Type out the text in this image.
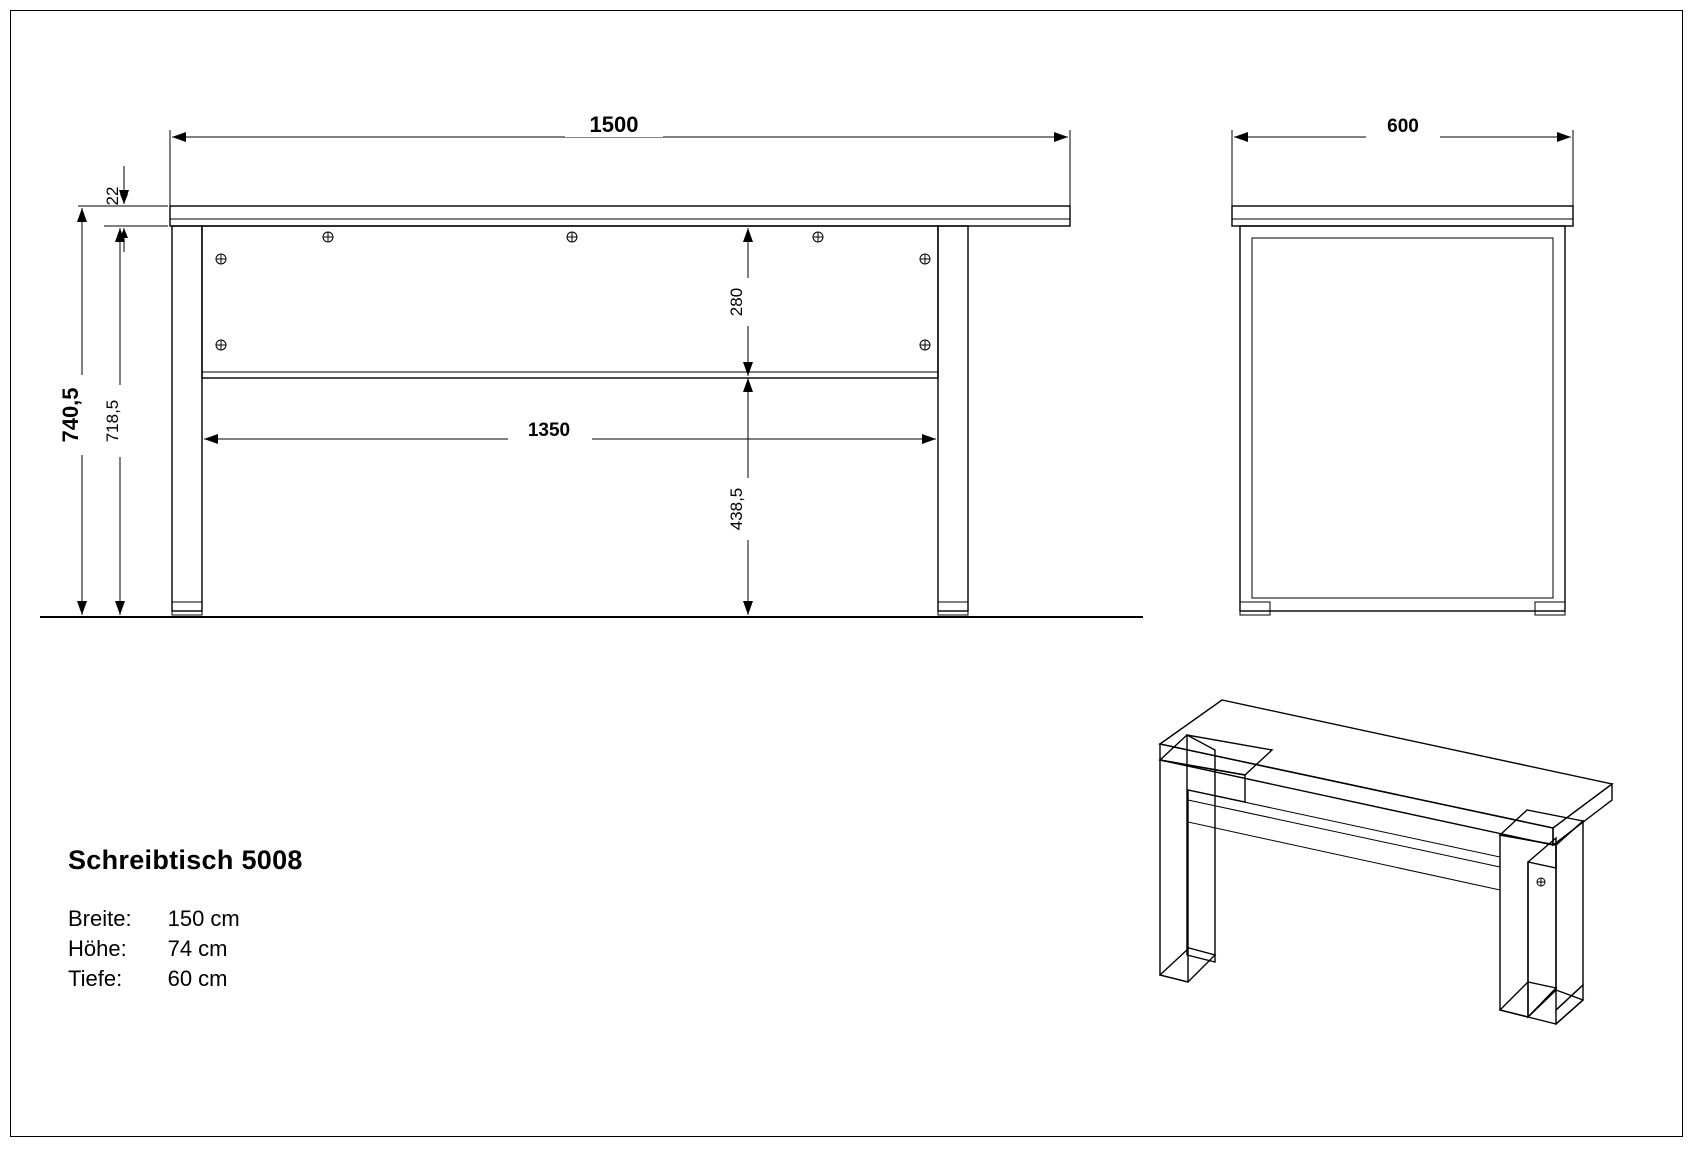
1500
22
740,5 718,5
280
1350
438,5
600
Schreibtisch 5008
Breite:	150 cm
Höhe:	74 cm
Tiefe:	60 cm
